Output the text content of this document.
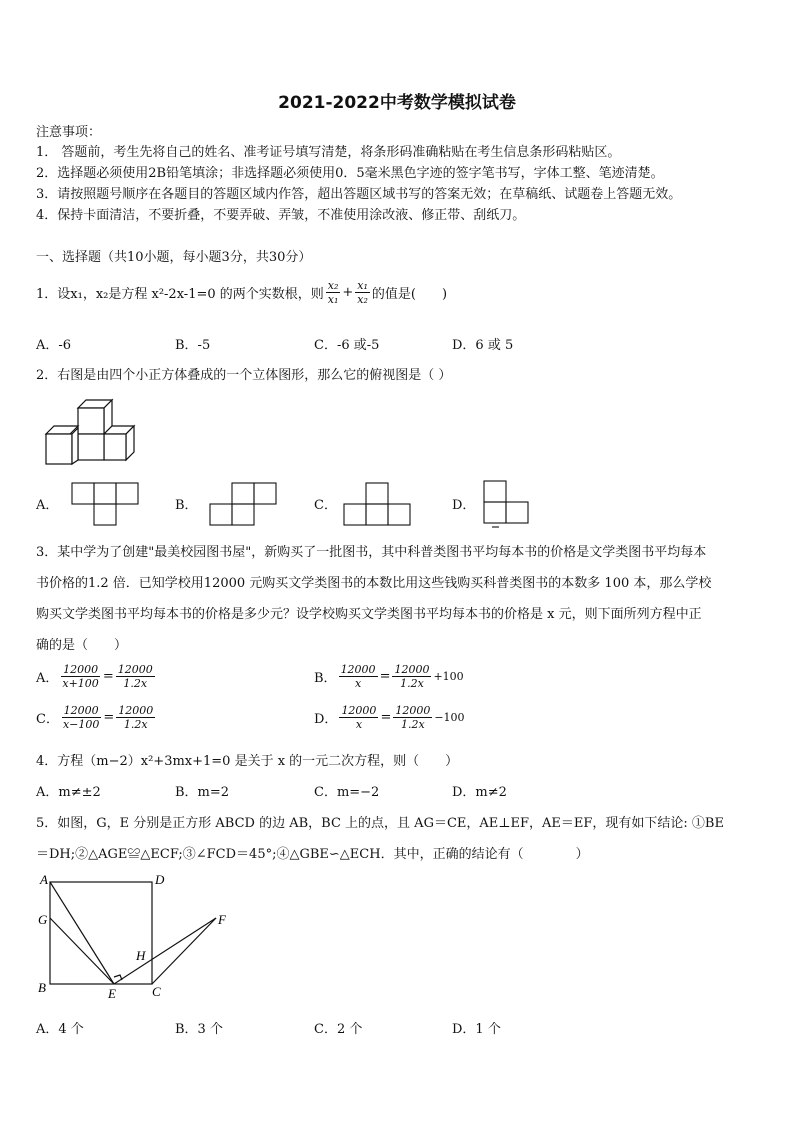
2021-2022中考数学模拟试卷
注意事项：
1． 答题前，考生先将自己的姓名、准考证号填写清楚，将条形码准确粘贴在考生信息条形码粘贴区。
2．选择题必须使用2B铅笔填涂；非选择题必须使用0．5毫米黑色字迹的签字笔书写，字体工整、笔迹清楚。
3．请按照题号顺序在各题目的答题区域内作答，超出答题区域书写的答案无效；在草稿纸、试题卷上答题无效。
4．保持卡面清洁，不要折叠，不要弄破、弄皱，不准使用涂改液、修正带、刮纸刀。
一、选择题（共10小题，每小题3分，共30分）
1．设x₁，x₂是方程 x²-2x-1=0 的两个实数根，则 $\frac{\text{x₂}}{\text{x₁}} + \frac{\text{x₁}}{\text{x₂}}$ 的值是(　　)
A．-6	B．-5	C．-6 或-5	D．6 或 5
2．右图是由四个小正方体叠成的一个立体图形，那么它的俯视图是（ ）
A．	B．	C．	D．
3．某中学为了创建"最美校园图书屋"，新购买了一批图书，其中科普类图书平均每本书的价格是文学类图书平均每本
书价格的1.2 倍．已知学校用12000 元购买文学类图书的本数比用这些钱购买科普类图书的本数多 100 本，那么学校
购买文学类图书平均每本书的价格是多少元？设学校购买文学类图书平均每本书的价格是 x 元，则下面所列方程中正
确的是（　　）
A． $\frac{12000}{x+100} = \frac{12000}{1.2x}$	B． $\frac{12000}{x} = \frac{12000}{1.2x} +100$
C． $\frac{12000}{x-100} = \frac{12000}{1.2x}$	D． $\frac{12000}{x} = \frac{12000}{1.2x} -100$
4．方程（m−2）x²+3mx+1=0 是关于 x 的一元二次方程，则（　　）
A．m≠±2	B．m=2	C．m=−2	D．m≠2
5．如图，G，E 分别是正方形 ABCD 的边 AB，BC 上的点，且 AG＝CE，AE⊥EF，AE＝EF，现有如下结论: ①BE
＝DH;②△AGE≌△ECF;③∠FCD＝45°;④△GBE∽△ECH．其中，正确的结论有（　　　　）
A	D
G	F
H
B	E	C
A．4 个	B．3 个	C．2 个	D．1 个
